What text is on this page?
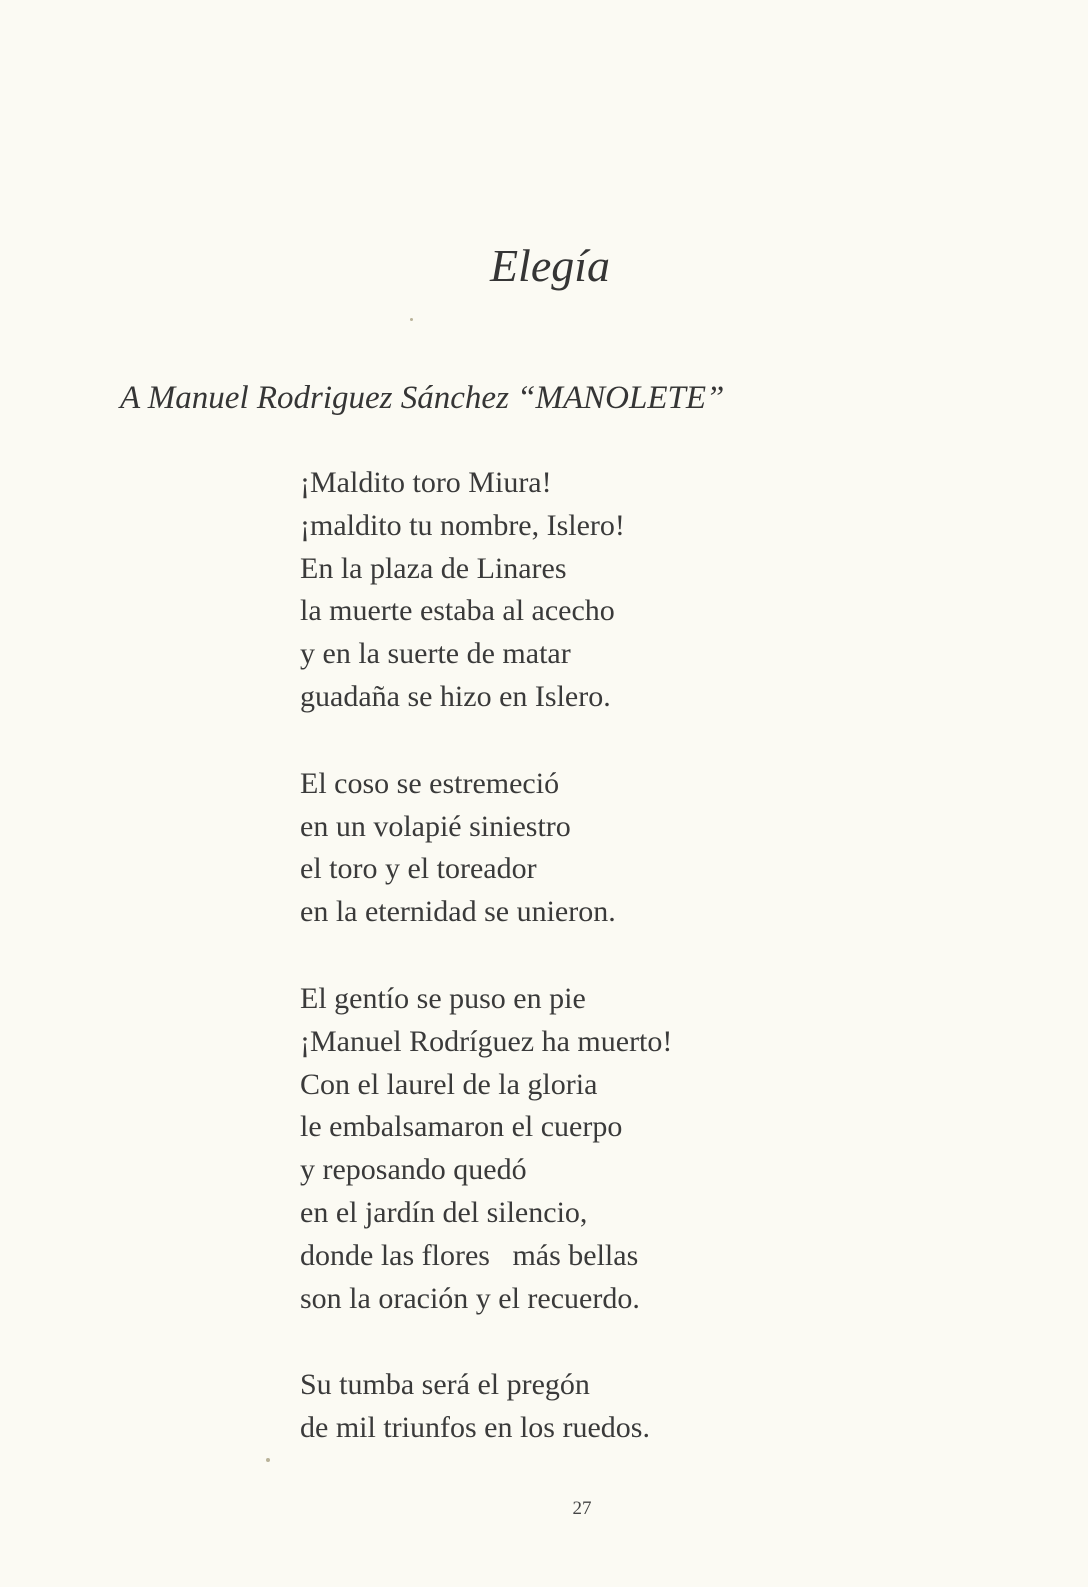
Elegía

A Manuel Rodriguez Sánchez “MANOLETE”

¡Maldito toro Miura!
¡maldito tu nombre, Islero!
En la plaza de Linares
la muerte estaba al acecho
y en la suerte de matar
guadaña se hizo en Islero.
El coso se estremeció
en un volapié siniestro
el toro y el toreador
en la eternidad se unieron.
El gentío se puso en pie
¡Manuel Rodríguez ha muerto!
Con el laurel de la gloria
le embalsamaron el cuerpo
y reposando quedó
en el jardín del silencio,
donde las flores   más bellas
son la oración y el recuerdo.
Su tumba será el pregón
de mil triunfos en los ruedos.
27
